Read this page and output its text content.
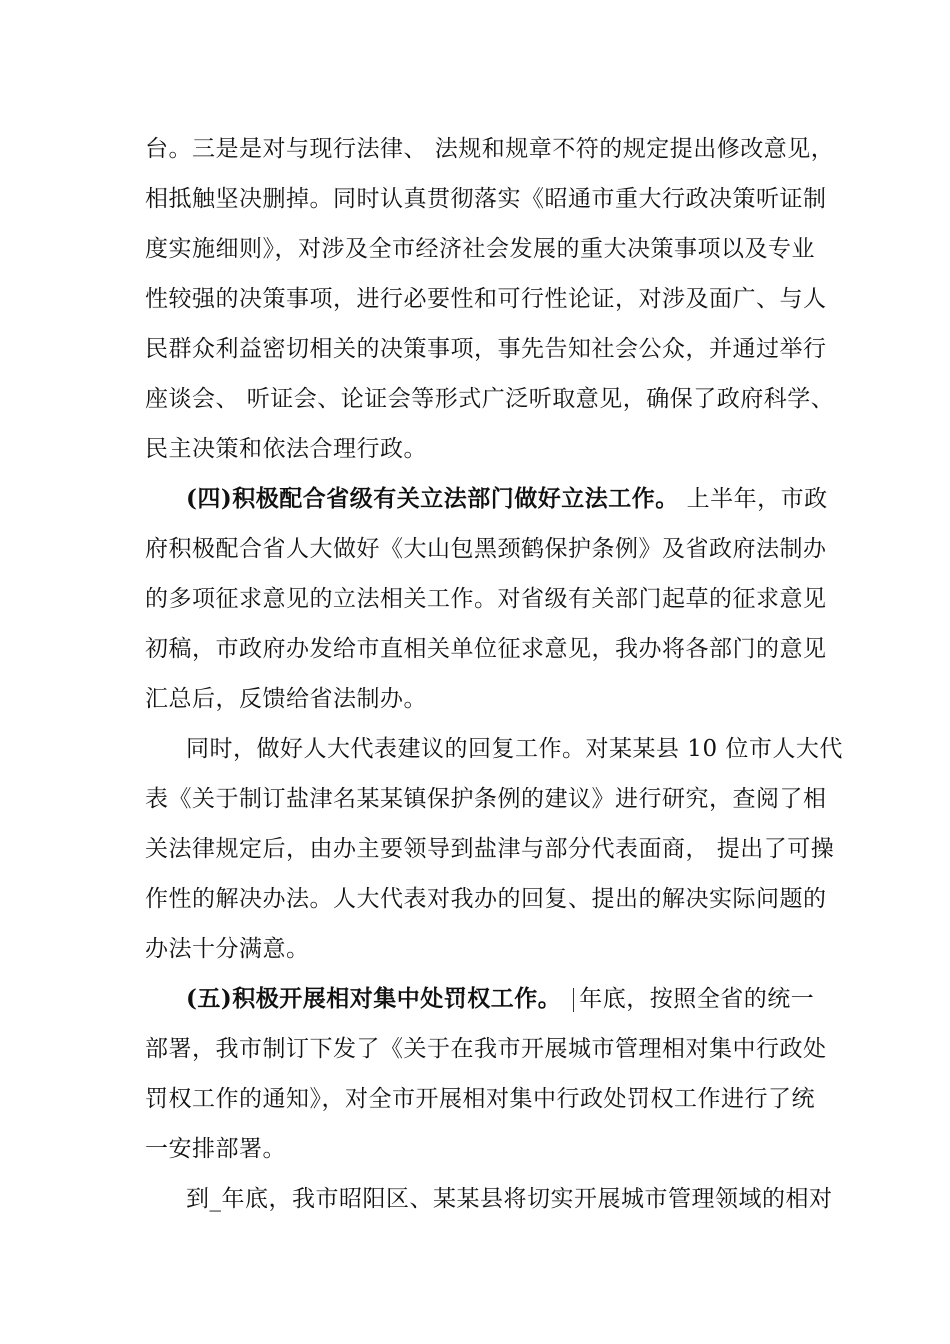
台。三是是对与现行法律、 法规和规章不符的规定提出修改意见，
相抵触坚决删掉。同时认真贯彻落实《昭通市重大行政决策听证制
度实施细则》，对涉及全市经济社会发展的重大决策事项以及专业
性较强的决策事项，进行必要性和可行性论证，对涉及面广、与人
民群众利益密切相关的决策事项，事先告知社会公众，并通过举行
座谈会、 听证会、论证会等形式广泛听取意见，确保了政府科学、
民主决策和依法合理行政。
(四)积极配合省级有关立法部门做好立法工作。 上半年，市政
府积极配合省人大做好《大山包黑颈鹤保护条例》及省政府法制办
的多项征求意见的立法相关工作。对省级有关部门起草的征求意见
初稿，市政府办发给市直相关单位征求意见，我办将各部门的意见
汇总后，反馈给省法制办。
同时，做好人大代表建议的回复工作。对某某县 10 位市人大代
表《关于制订盐津名某某镇保护条例的建议》进行研究，查阅了相
关法律规定后，由办主要领导到盐津与部分代表面商， 提出了可操
作性的解决办法。人大代表对我办的回复、提出的解决实际问题的
办法十分满意。
(五)积极开展相对集中处罚权工作。 年底，按照全省的统一
部署，我市制订下发了《关于在我市开展城市管理相对集中行政处
罚权工作的通知》，对全市开展相对集中行政处罚权工作进行了统
一安排部署。
到_年底，我市昭阳区、某某县将切实开展城市管理领域的相对
